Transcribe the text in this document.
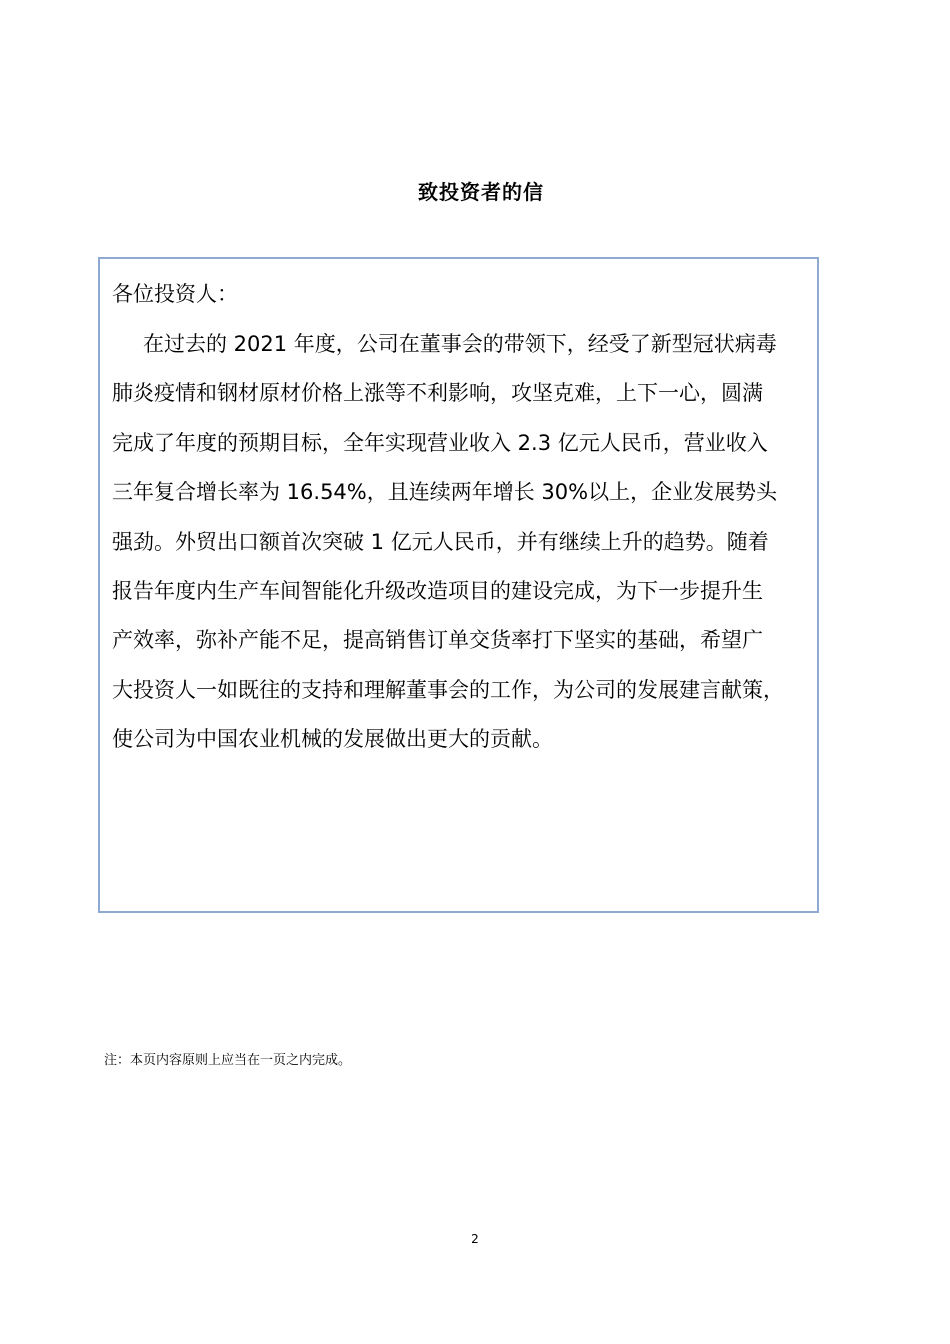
致投资者的信
各位投资人：
　在过去的 2021 年度，公司在董事会的带领下，经受了新型冠状病毒
肺炎疫情和钢材原材价格上涨等不利影响，攻坚克难，上下一心，圆满
完成了年度的预期目标，全年实现营业收入 2.3 亿元人民币，营业收入
三年复合增长率为 16.54%，且连续两年增长 30%以上，企业发展势头
强劲。外贸出口额首次突破 1 亿元人民币，并有继续上升的趋势。随着
报告年度内生产车间智能化升级改造项目的建设完成，为下一步提升生
产效率，弥补产能不足，提高销售订单交货率打下坚实的基础，希望广
大投资人一如既往的支持和理解董事会的工作，为公司的发展建言献策，
使公司为中国农业机械的发展做出更大的贡献。
注：本页内容原则上应当在一页之内完成。
2
